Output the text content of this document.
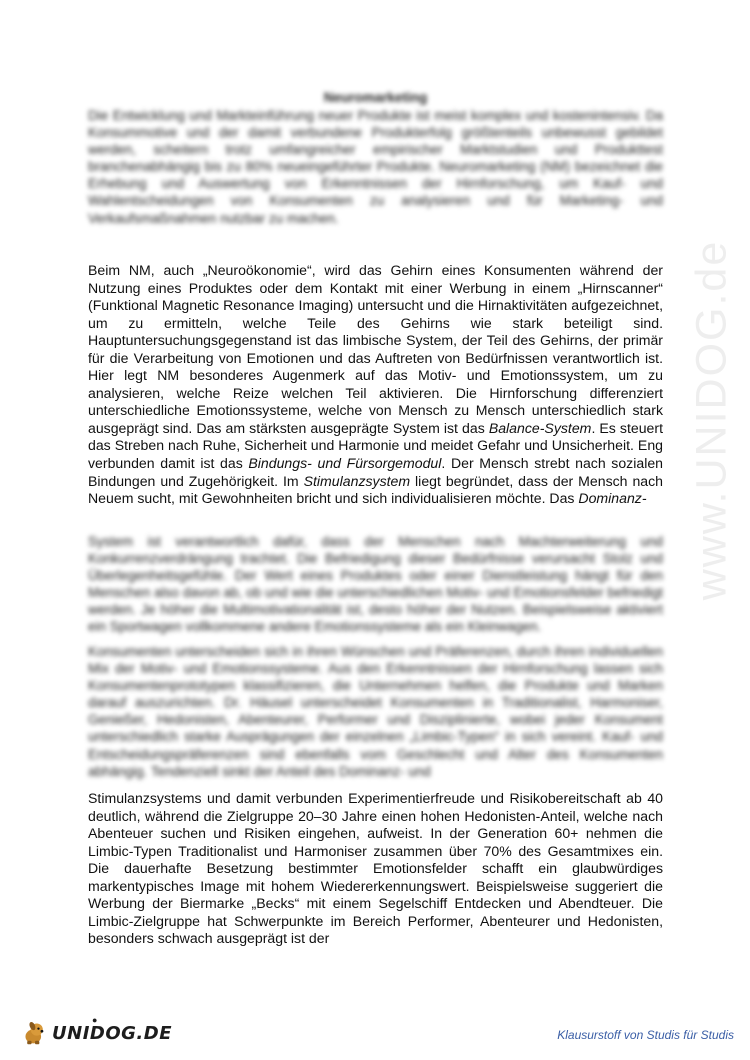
www.UNIDOG.de
Neuromarketing

Die Entwicklung und Markteinführung neuer Produkte ist meist komplex und kostenintensiv. Da Konsummotive und der damit verbundene Produkterfolg größtenteils unbewusst gebildet werden, scheitern trotz umfangreicher empirischer Marktstudien und Produkttest branchenabhängig bis zu 80% neueingeführter Produkte. Neuromarketing (NM) bezeichnet die Erhebung und Auswertung von Erkenntnissen der Hirnforschung, um Kauf- und Wahlentscheidungen von Konsumenten zu analysieren und für Marketing- und Verkaufsmaßnahmen nutzbar zu machen.

Beim NM, auch „Neuroökonomie“, wird das Gehirn eines Konsumenten während der Nutzung eines Produktes oder dem Kontakt mit einer Werbung in einem „Hirnscanner“ (Funktional Magnetic Resonance Imaging) untersucht und die Hirnaktivitäten aufgezeichnet, um zu ermitteln, welche Teile des Gehirns wie stark beteiligt sind. Hauptuntersuchungsgegenstand ist das limbische System, der Teil des Gehirns, der primär für die Verarbeitung von Emotionen und das Auftreten von Bedürfnissen verantwortlich ist. Hier legt NM besonderes Augenmerk auf das Motiv- und Emotionssystem, um zu analysieren, welche Reize welchen Teil aktivieren. Die Hirnforschung differenziert unterschiedliche Emotionssysteme, welche von Mensch zu Mensch unterschiedlich stark ausgeprägt sind. Das am stärksten ausgeprägte System ist das Balance-System. Es steuert das Streben nach Ruhe, Sicherheit und Harmonie und meidet Gefahr und Unsicherheit. Eng verbunden damit ist das Bindungs- und Fürsorgemodul. Der Mensch strebt nach sozialen Bindungen und Zugehörigkeit. Im Stimulanzsystem liegt begründet, dass der Mensch nach Neuem sucht, mit Gewohnheiten bricht und sich individualisieren möchte. Das Dominanz-

System ist verantwortlich dafür, dass der Menschen nach Machterweiterung und Konkurrenzverdrängung trachtet. Die Befriedigung dieser Bedürfnisse verursacht Stolz und Überlegenheitsgefühle. Der Wert eines Produktes oder einer Dienstleistung hängt für den Menschen also davon ab, ob und wie die unterschiedlichen Motiv- und Emotionsfelder befriedigt werden. Je höher die Multimotivationalität ist, desto höher der Nutzen. Beispielsweise aktiviert ein Sportwagen vollkommene andere Emotionssysteme als ein Kleinwagen.

Konsumenten unterscheiden sich in ihren Wünschen und Präferenzen, durch ihren individuellen Mix der Motiv- und Emotionssysteme. Aus den Erkenntnissen der Hirnforschung lassen sich Konsumentenprototypen klassifizieren, die Unternehmen helfen, die Produkte und Marken darauf auszurichten. Dr. Häusel unterscheidet Konsumenten in Traditionalist, Harmoniser, Genießer, Hedonisten, Abenteurer, Performer und Disziplinierte, wobei jeder Konsument unterschiedlich starke Ausprägungen der einzelnen „Limbic-Typen“ in sich vereint. Kauf- und Entscheidungspräferenzen sind ebenfalls vom Geschlecht und Alter des Konsumenten abhängig. Tendenziell sinkt der Anteil des Dominanz- und

Stimulanzsystems und damit verbunden Experimentierfreude und Risikobereitschaft ab 40 deutlich, während die Zielgruppe 20–30 Jahre einen hohen Hedonisten-Anteil, welche nach Abenteuer suchen und Risiken eingehen, aufweist. In der Generation 60+ nehmen die Limbic-Typen Traditionalist und Harmoniser zusammen über 70% des Gesamtmixes ein. Die dauerhafte Besetzung bestimmter Emotionsfelder schafft ein glaubwürdiges markentypisches Image mit hohem Wiedererkennungswert. Beispielsweise suggeriert die Werbung der Biermarke „Becks“ mit einem Segelschiff Entdecken und Abendteuer. Die Limbic-Zielgruppe hat Schwerpunkte im Bereich Performer, Abenteurer und Hedonisten, besonders schwach ausgeprägt ist der

UNIDOG.DE
●
Klausurstoff von Studis für Studis
